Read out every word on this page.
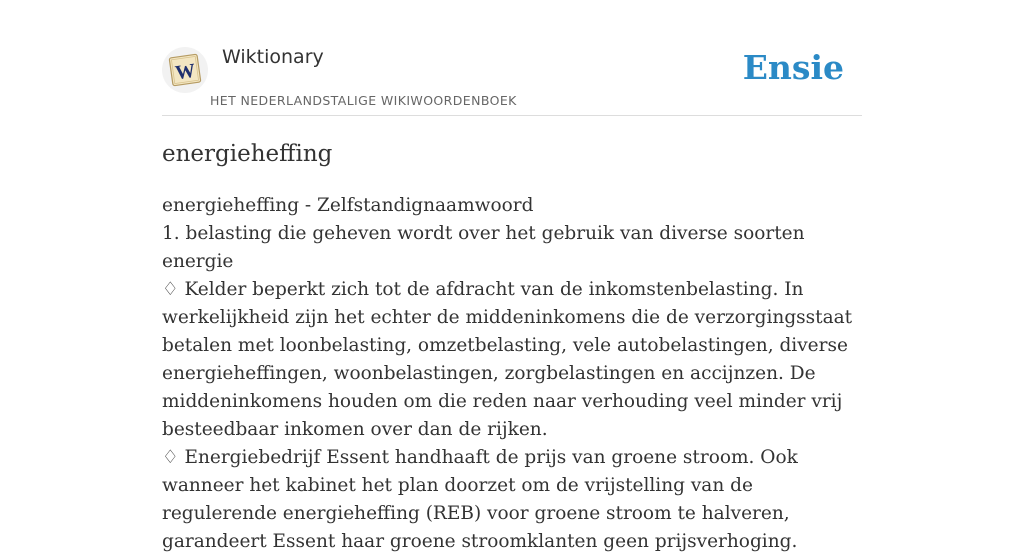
W
Wiktionary
HET NEDERLANDSTALIGE WIKIWOORDENBOEK
Ensie
energieheffing
energieheffing - Zelfstandignaamwoord
1. belasting die geheven wordt over het gebruik van diverse soorten energie
♢ Kelder beperkt zich tot de afdracht van de inkomstenbelasting. In werkelijkheid zijn het echter de middeninkomens die de verzorgingsstaat betalen met loonbelasting, omzetbelasting, vele autobelastingen, diverse energieheffingen, woonbelastingen, zorgbelastingen en accijnzen. De middeninkomens houden om die reden naar verhouding veel minder vrij besteedbaar inkomen over dan de rijken.
♢ Energiebedrijf Essent handhaaft de prijs van groene stroom. Ook wanneer het kabinet het plan doorzet om de vrijstelling van de regulerende energieheffing (REB) voor groene stroom te halveren, garandeert Essent haar groene stroomklanten geen prijsverhoging.
